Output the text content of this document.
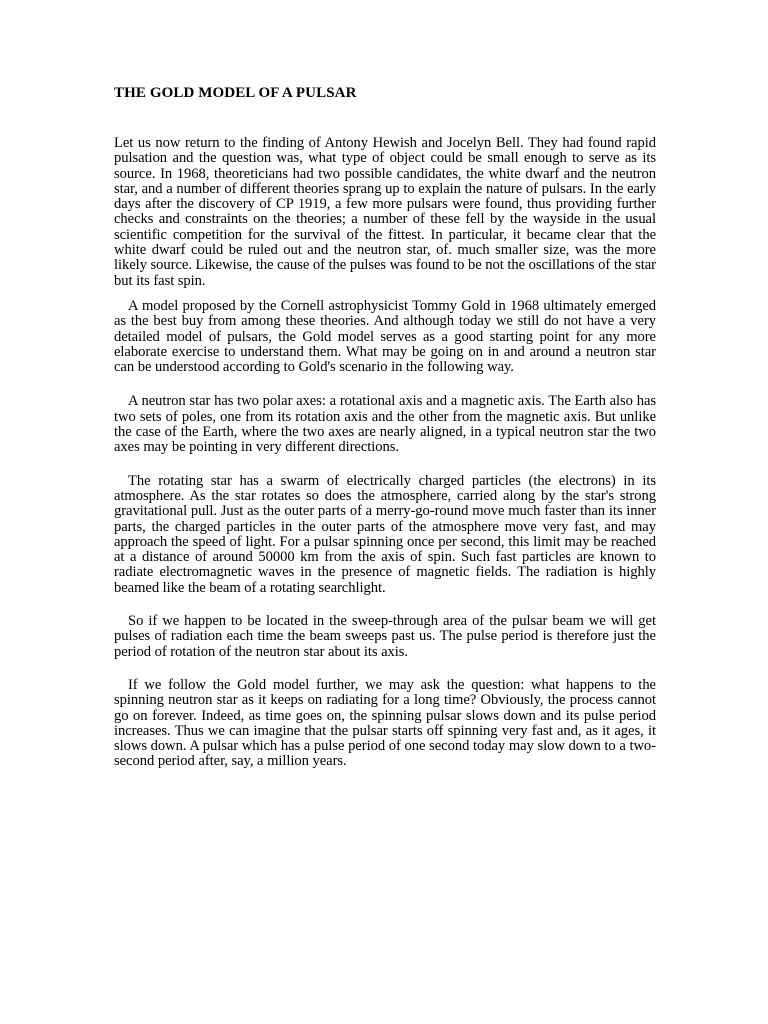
THE GOLD MODEL OF A PULSAR

Let us now return to the finding of Antony Hewish and Jocelyn Bell. They had found rapid pulsation and the question was, what type of object could be small enough to serve as its source. In 1968, theoreticians had two possible candidates, the white dwarf and the neutron star, and a number of different theories sprang up to explain the nature of pulsars. In the early days after the discovery of CP 1919, a few more pulsars were found, thus providing further checks and constraints on the theories; a number of these fell by the wayside in the usual scientific competition for the survival of the fittest. In particular, it became clear that the white dwarf could be ruled out and the neutron star, of. much smaller size, was the more likely source. Likewise, the cause of the pulses was found to be not the oscillations of the star but its fast spin.

A model proposed by the Cornell astrophysicist Tommy Gold in 1968 ultimately emerged as the best buy from among these theories. And although today we still do not have a very detailed model of pulsars, the Gold model serves as a good starting point for any more elaborate exercise to understand them. What may be going on in and around a neutron star can be understood according to Gold's scenario in the following way.

A neutron star has two polar axes: a rotational axis and a magnetic axis. The Earth also has two sets of poles, one from its rotation axis and the other from the magnetic axis. But unlike the case of the Earth, where the two axes are nearly aligned, in a typical neutron star the two axes may be pointing in very different directions.

The rotating star has a swarm of electrically charged particles (the electrons) in its atmosphere. As the star rotates so does the atmosphere, carried along by the star's strong gravitational pull. Just as the outer parts of a merry-go-round move much faster than its inner parts, the charged particles in the outer parts of the atmosphere move very fast, and may approach the speed of light. For a pulsar spinning once per second, this limit may be reached at a distance of around 50000 km from the axis of spin. Such fast particles are known to radiate electromagnetic waves in the presence of magnetic fields. The radiation is highly beamed like the beam of a rotating searchlight.

So if we happen to be located in the sweep-through area of the pulsar beam we will get pulses of radiation each time the beam sweeps past us. The pulse period is therefore just the period of rotation of the neutron star about its axis.

If we follow the Gold model further, we may ask the question: what happens to the spinning neutron star as it keeps on radiating for a long time? Obviously, the process cannot go on forever. Indeed, as time goes on, the spinning pulsar slows down and its pulse period increases. Thus we can imagine that the pulsar starts off spinning very fast and, as it ages, it slows down. A pulsar which has a pulse period of one second today may slow down to a two-second period after, say, a million years.
